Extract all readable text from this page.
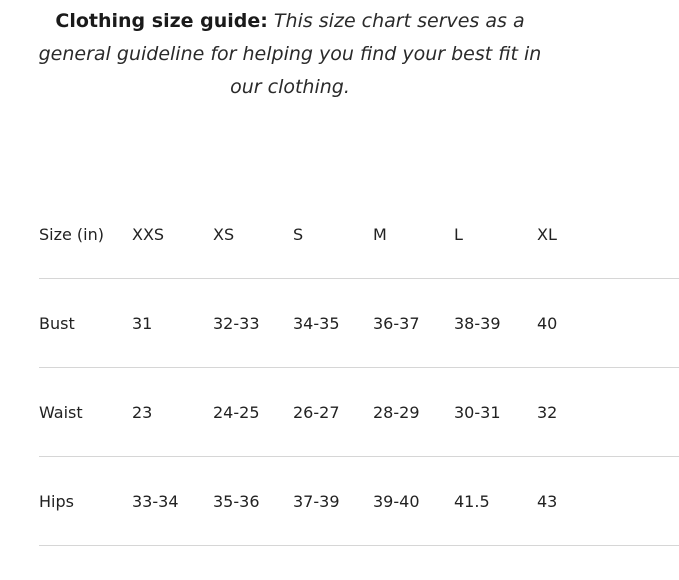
Clothing size guide: This size chart serves as a general guideline for helping you find your best fit in our clothing.

Size (in)	XXS	XS	S	M	L	XL
Bust	31	32-33	34-35	36-37	38-39	40
Waist	23	24-25	26-27	28-29	30-31	32
Hips	33-34	35-36	37-39	39-40	41.5	43
